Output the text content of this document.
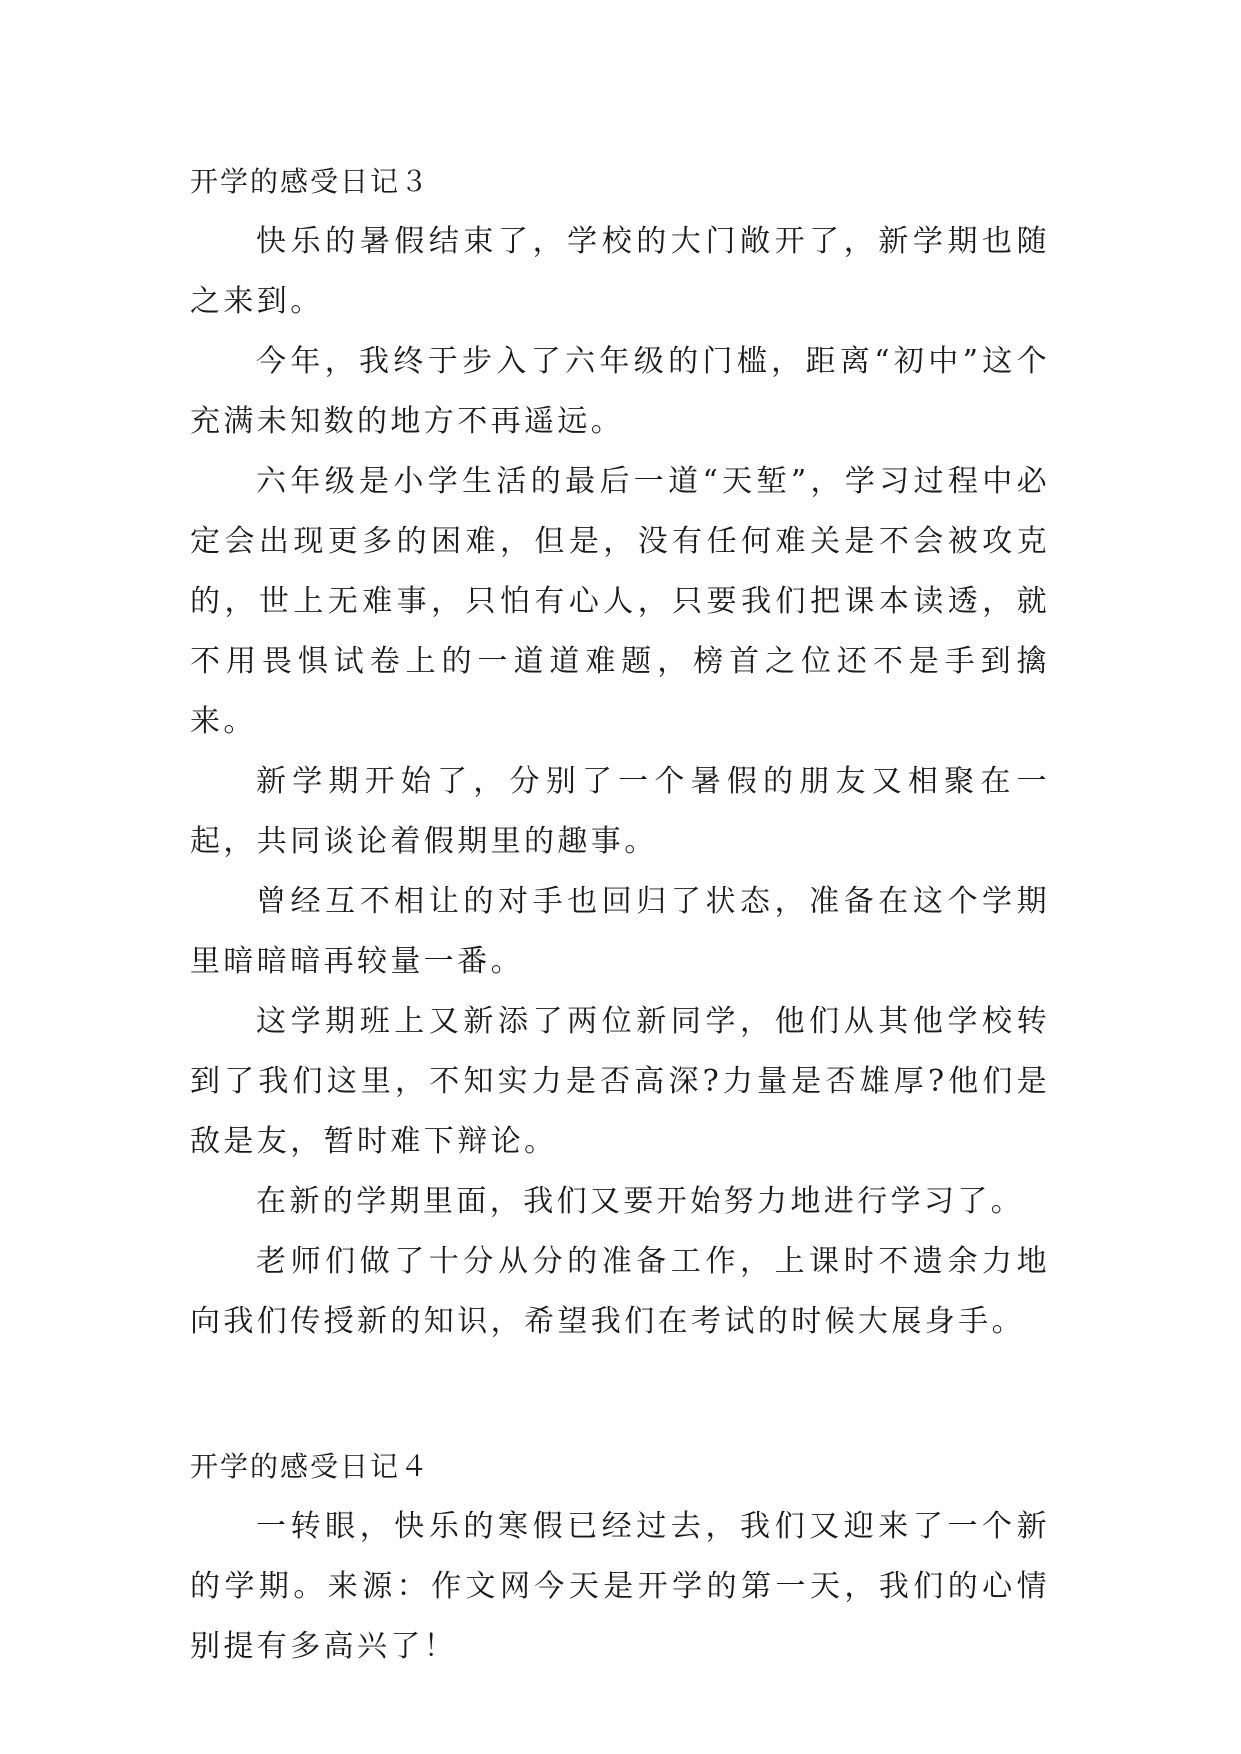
开学的感受日记３

快乐的暑假结束了，学校的大门敞开了，新学期也随之来到。

今年，我终于步入了六年级的门槛，距离“初中”这个充满未知数的地方不再遥远。

六年级是小学生活的最后一道“天堑”，学习过程中必定会出现更多的困难，但是，没有任何难关是不会被攻克的，世上无难事，只怕有心人，只要我们把课本读透，就不用畏惧试卷上的一道道难题，榜首之位还不是手到擒来。

新学期开始了，分别了一个暑假的朋友又相聚在一起，共同谈论着假期里的趣事。

曾经互不相让的对手也回归了状态，准备在这个学期里暗暗暗再较量一番。

这学期班上又新添了两位新同学，他们从其他学校转到了我们这里，不知实力是否高深?力量是否雄厚?他们是敌是友，暂时难下辩论。

在新的学期里面，我们又要开始努力地进行学习了。

老师们做了十分从分的准备工作，上课时不遗余力地向我们传授新的知识，希望我们在考试的时候大展身手。

开学的感受日记４

一转眼，快乐的寒假已经过去，我们又迎来了一个新的学期。来源：作文网今天是开学的第一天，我们的心情别提有多高兴了！
